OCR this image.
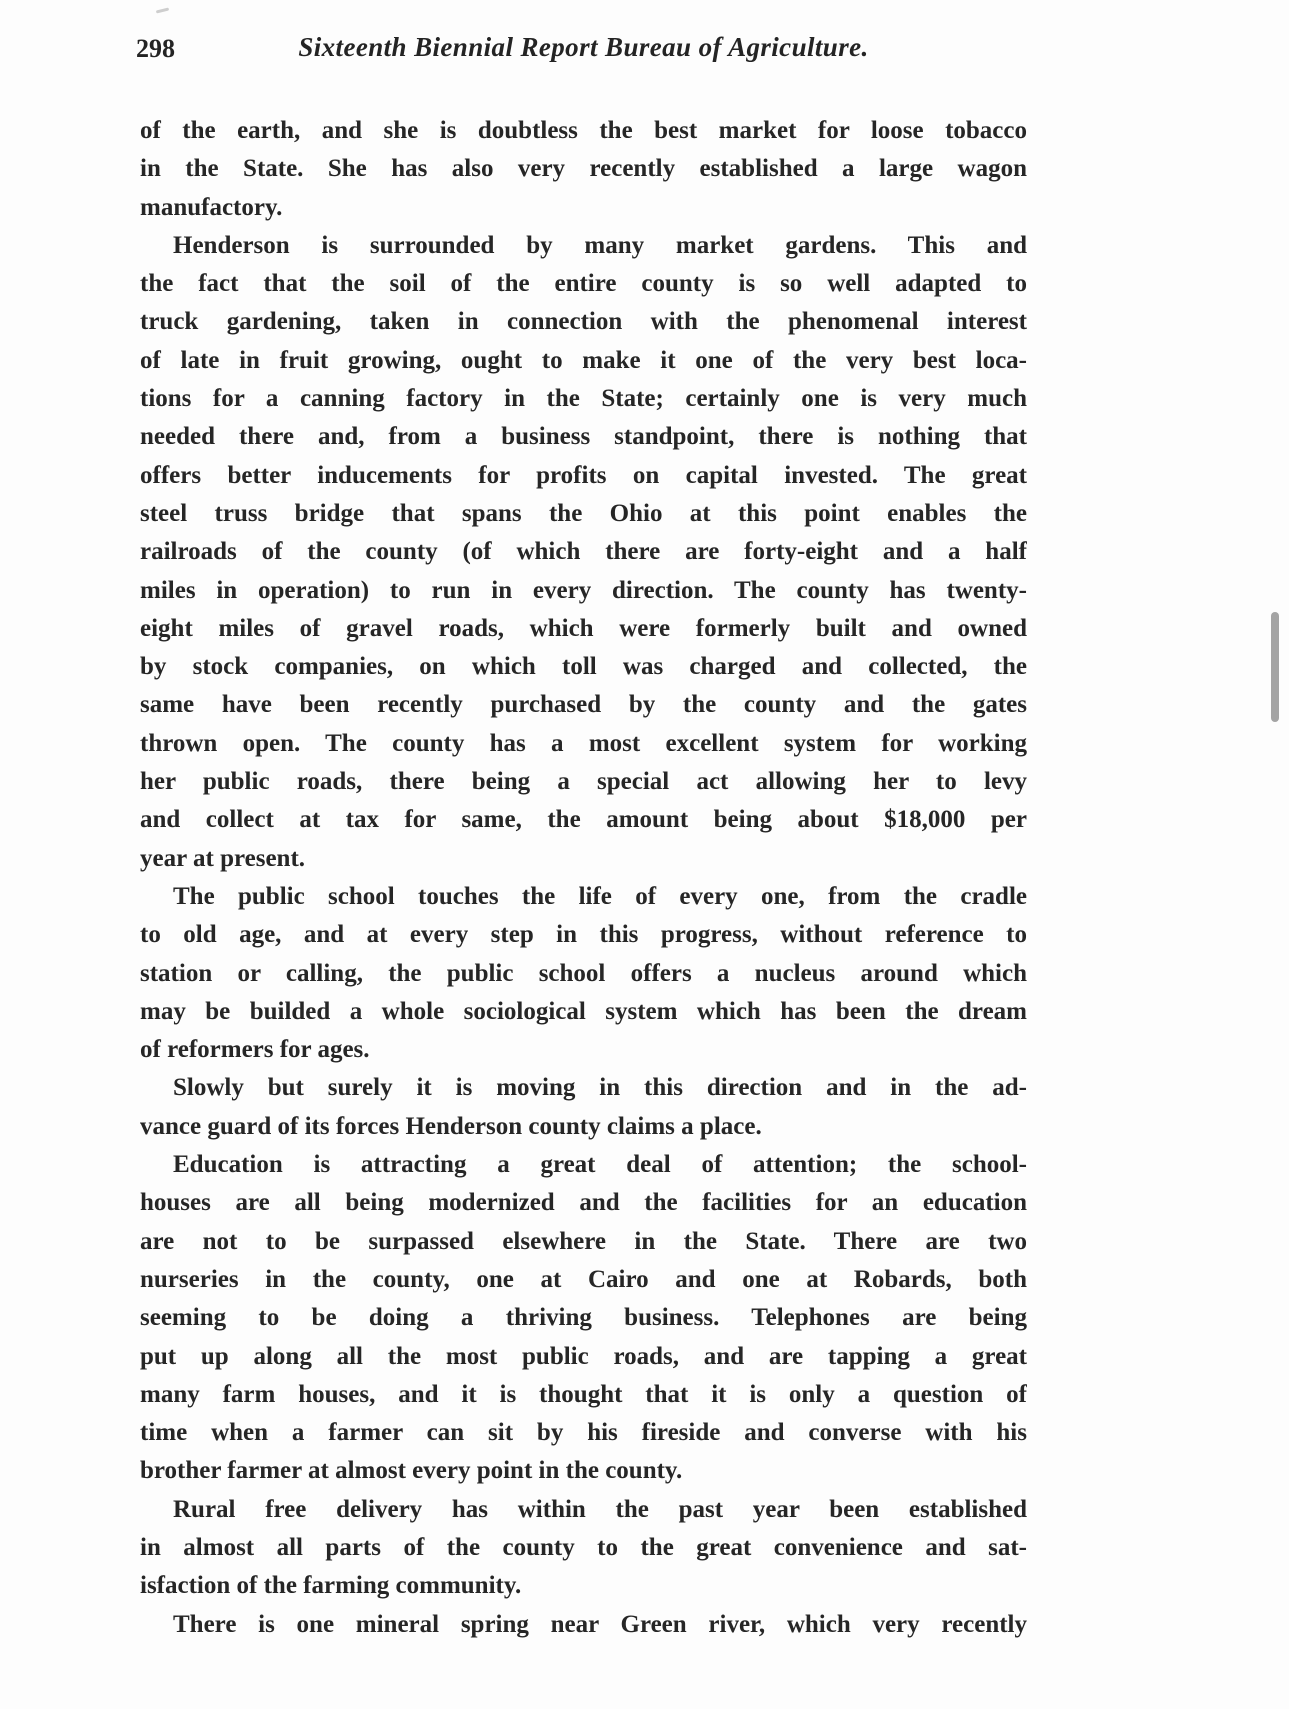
298	Sixteenth Biennial Report Bureau of Agriculture.
of the earth, and she is doubtless the best market for loose tobacco
in the State. She has also very recently established a large wagon
manufactory.
Henderson is surrounded by many market gardens. This and
the fact that the soil of the entire county is so well adapted to
truck gardening, taken in connection with the phenomenal interest
of late in fruit growing, ought to make it one of the very best loca-
tions for a canning factory in the State; certainly one is very much
needed there and, from a business standpoint, there is nothing that
offers better inducements for profits on capital invested. The great
steel truss bridge that spans the Ohio at this point enables the
railroads of the county (of which there are forty-eight and a half
miles in operation) to run in every direction. The county has twenty-
eight miles of gravel roads, which were formerly built and owned
by stock companies, on which toll was charged and collected, the
same have been recently purchased by the county and the gates
thrown open. The county has a most excellent system for working
her public roads, there being a special act allowing her to levy
and collect at tax for same, the amount being about $18,000 per
year at present.
The public school touches the life of every one, from the cradle
to old age, and at every step in this progress, without reference to
station or calling, the public school offers a nucleus around which
may be builded a whole sociological system which has been the dream
of reformers for ages.
Slowly but surely it is moving in this direction and in the ad-
vance guard of its forces Henderson county claims a place.
Education is attracting a great deal of attention; the school-
houses are all being modernized and the facilities for an education
are not to be surpassed elsewhere in the State. There are two
nurseries in the county, one at Cairo and one at Robards, both
seeming to be doing a thriving business. Telephones are being
put up along all the most public roads, and are tapping a great
many farm houses, and it is thought that it is only a question of
time when a farmer can sit by his fireside and converse with his
brother farmer at almost every point in the county.
Rural free delivery has within the past year been established
in almost all parts of the county to the great convenience and sat-
isfaction of the farming community.
There is one mineral spring near Green river, which very recently
